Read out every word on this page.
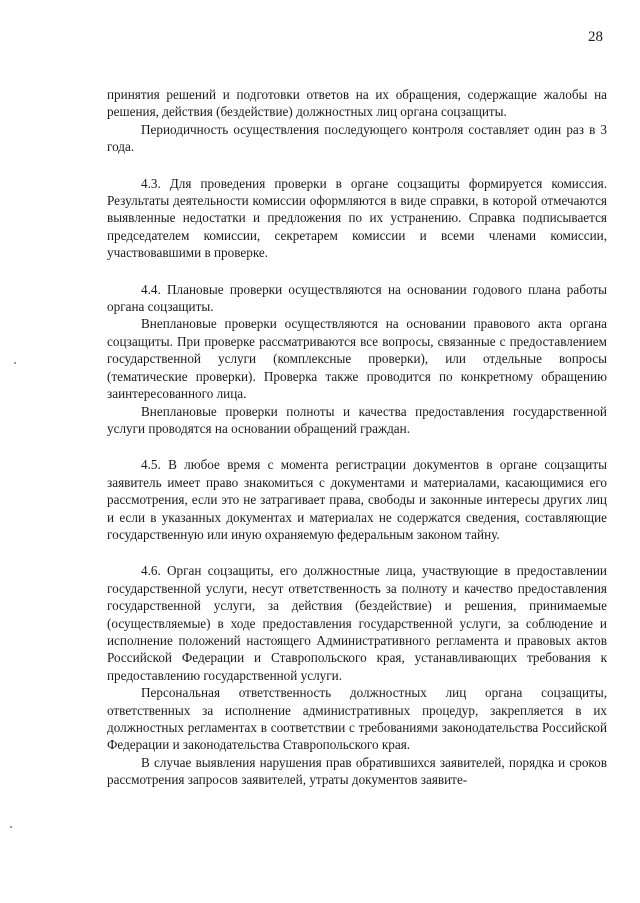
28

принятия решений и подготовки ответов на их обращения, содержащие жалобы на решения, действия (бездействие) должностных лиц органа соцзащиты.

Периодичность осуществления последующего контроля составляет один раз в 3 года.

4.3. Для проведения проверки в органе соцзащиты формируется комиссия. Результаты деятельности комиссии оформляются в виде справки, в которой отмечаются выявленные недостатки и предложения по их устранению. Справка подписывается председателем комиссии, секретарем комиссии и всеми членами комиссии, участвовавшими в проверке.

4.4. Плановые проверки осуществляются на основании годового плана работы органа соцзащиты.

Внеплановые проверки осуществляются на основании правового акта органа соцзащиты. При проверке рассматриваются все вопросы, связанные с предоставлением государственной услуги (комплексные проверки), или отдельные вопросы (тематические проверки). Проверка также проводится по конкретному обращению заинтересованного лица.

Внеплановые проверки полноты и качества предоставления государственной услуги проводятся на основании обращений граждан.

4.5. В любое время с момента регистрации документов в органе соцзащиты заявитель имеет право знакомиться с документами и материалами, касающимися его рассмотрения, если это не затрагивает права, свободы и законные интересы других лиц и если в указанных документах и материалах не содержатся сведения, составляющие государственную или иную охраняемую федеральным законом тайну.

4.6. Орган соцзащиты, его должностные лица, участвующие в предоставлении государственной услуги, несут ответственность за полноту и качество предоставления государственной услуги, за действия (бездействие) и решения, принимаемые (осуществляемые) в ходе предоставления государственной услуги, за соблюдение и исполнение положений настоящего Административного регламента и правовых актов Российской Федерации и Ставропольского края, устанавливающих требования к предоставлению государственной услуги.

Персональная ответственность должностных лиц органа соцзащиты, ответственных за исполнение административных процедур, закрепляется в их должностных регламентах в соответствии с требованиями законодательства Российской Федерации и законодательства Ставропольского края.

В случае выявления нарушения прав обратившихся заявителей, порядка и сроков рассмотрения запросов заявителей, утраты документов заявите-
